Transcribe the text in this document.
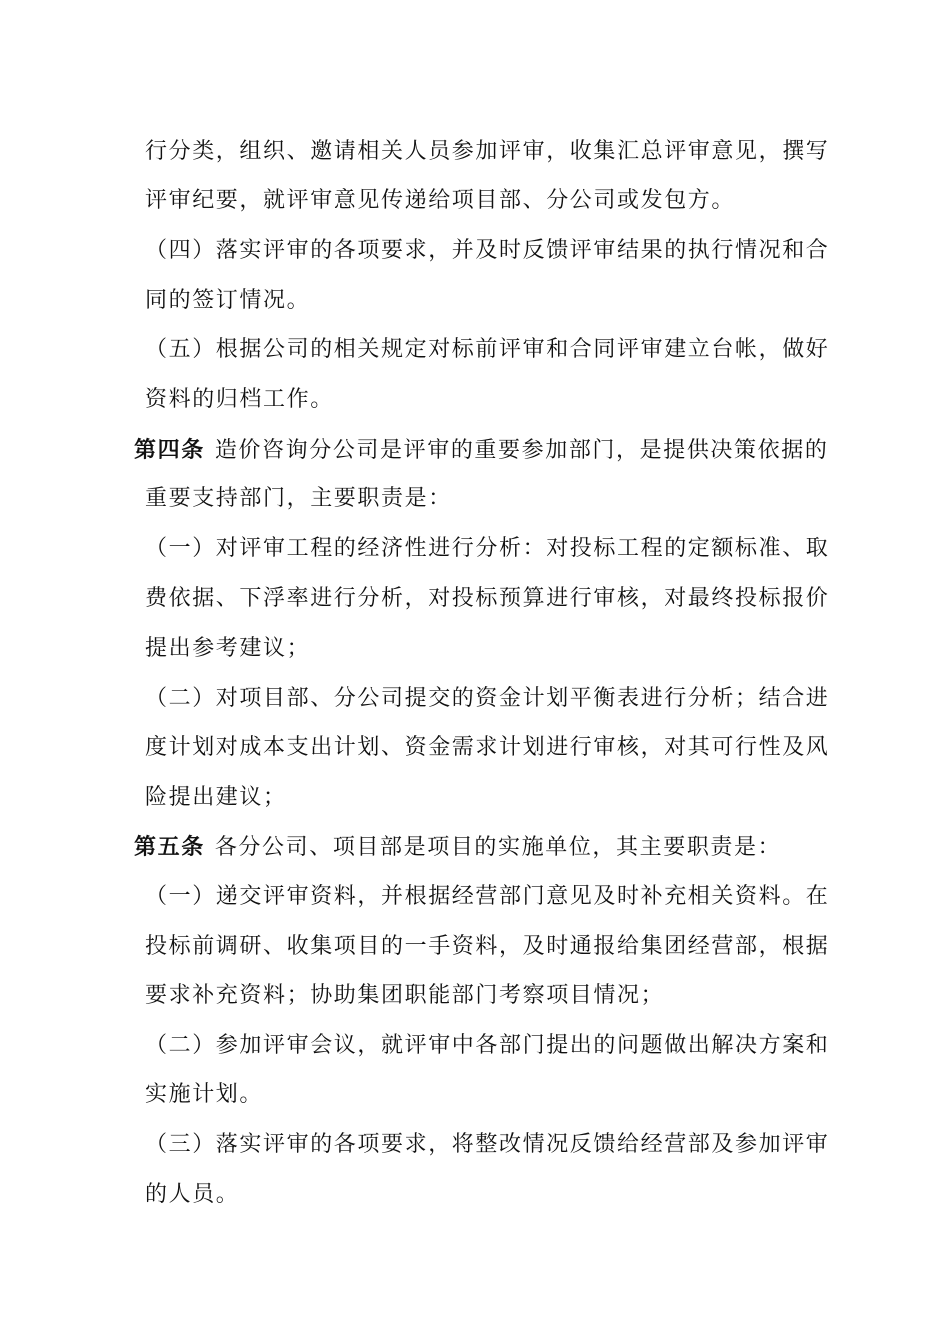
行分类，组织、邀请相关人员参加评审，收集汇总评审意见，撰写
评审纪要，就评审意见传递给项目部、分公司或发包方。
（四）落实评审的各项要求，并及时反馈评审结果的执行情况和合
同的签订情况。
（五）根据公司的相关规定对标前评审和合同评审建立台帐，做好
资料的归档工作。
第四条 造价咨询分公司是评审的重要参加部门，是提供决策依据的
重要支持部门，主要职责是：
（一）对评审工程的经济性进行分析：对投标工程的定额标准、取
费依据、下浮率进行分析，对投标预算进行审核，对最终投标报价
提出参考建议；
（二）对项目部、分公司提交的资金计划平衡表进行分析；结合进
度计划对成本支出计划、资金需求计划进行审核，对其可行性及风
险提出建议；
第五条 各分公司、项目部是项目的实施单位，其主要职责是：
（一）递交评审资料，并根据经营部门意见及时补充相关资料。在
投标前调研、收集项目的一手资料，及时通报给集团经营部，根据
要求补充资料；协助集团职能部门考察项目情况；
（二）参加评审会议，就评审中各部门提出的问题做出解决方案和
实施计划。
（三）落实评审的各项要求，将整改情况反馈给经营部及参加评审
的人员。
